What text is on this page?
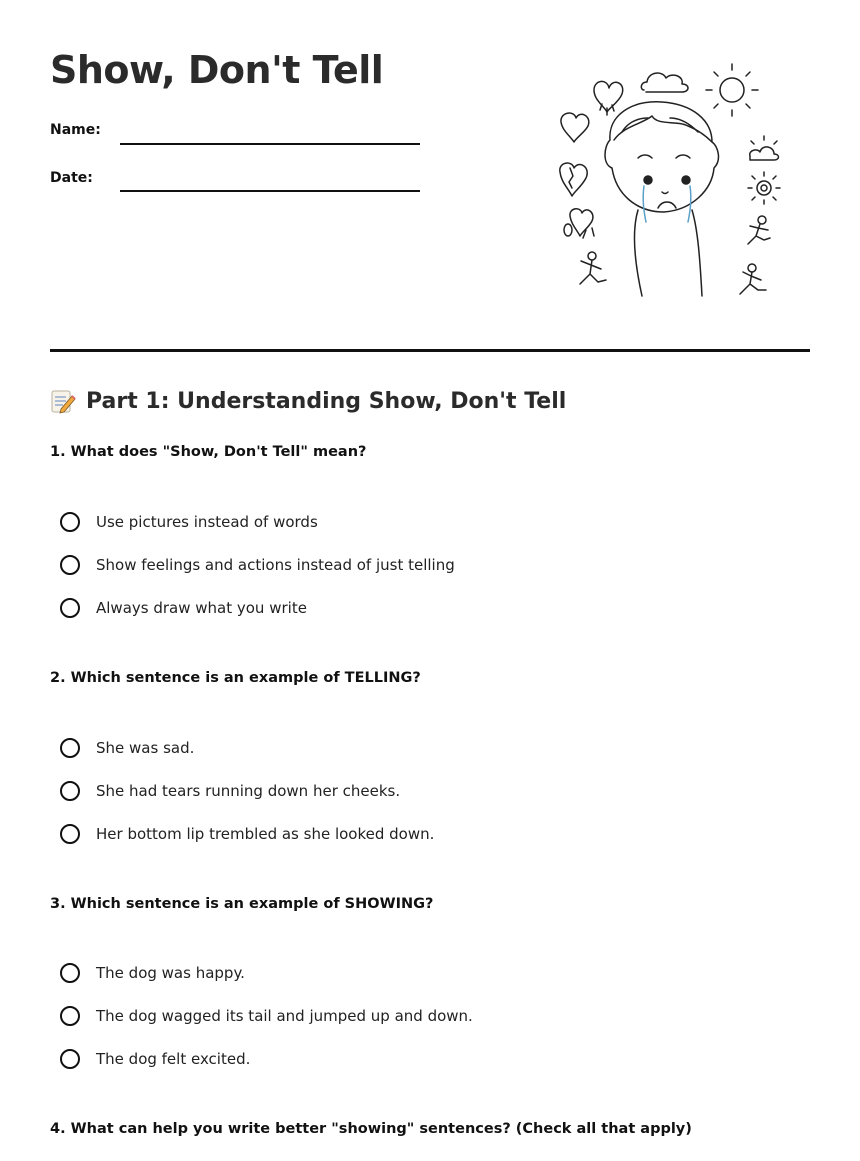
Show, Don't Tell
Name:
Date:
Part 1: Understanding Show, Don't Tell

1. What does "Show, Don't Tell" mean?

Use pictures instead of words
Show feelings and actions instead of just telling
Always draw what you write

2. Which sentence is an example of TELLING?

She was sad.
She had tears running down her cheeks.
Her bottom lip trembled as she looked down.

3. Which sentence is an example of SHOWING?

The dog was happy.
The dog wagged its tail and jumped up and down.
The dog felt excited.

4. What can help you write better "showing" sentences? (Check all that apply)
